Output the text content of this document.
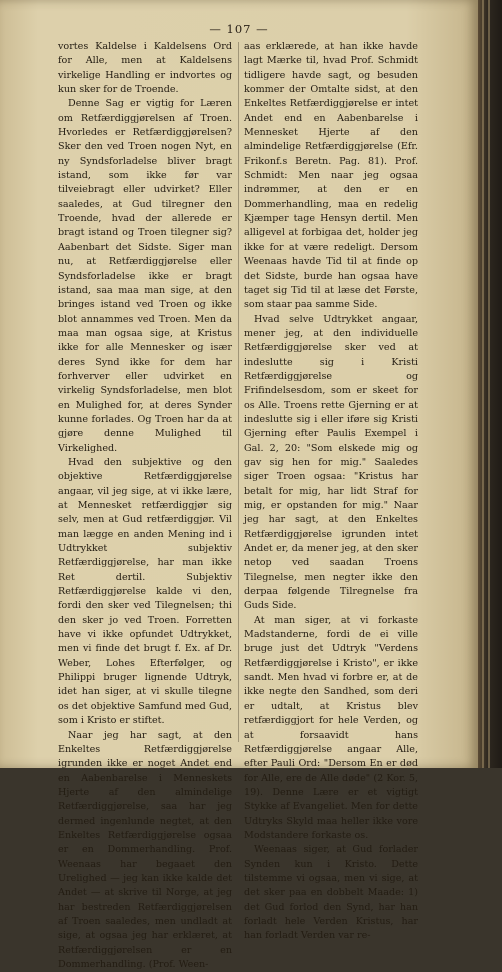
— 107 —

vortes Kaldelse i Kaldelsens Ord for Alle, men at Kaldelsens virkelige Handling er indvortes og kun sker for de Troende.

Denne Sag er vigtig for Læren om Retfærdiggjørelsen af Troen. Hvorledes er Retfærdiggjørelsen? Sker den ved Troen nogen Nyt, en ny Syndsforladelse bliver bragt istand, som ikke før var tilveiebragt eller udvirket? Eller saaledes, at Gud tilregner den Troende, hvad der allerede er bragt istand og Troen tilegner sig? Aabenbart det Sidste. Siger man nu, at Retfærdiggjørelse eller Syndsforladelse ikke er bragt istand, saa maa man sige, at den bringes istand ved Troen og ikke blot annammes ved Troen. Men da maa man ogsaa sige, at Kristus ikke for alle Mennesker og især deres Synd ikke for dem har forhverver eller udvirket en virkelig Syndsforladelse, men blot en Mulighed for, at deres Synder kunne forlades. Og Troen har da at gjøre denne Mulighed til Virkelighed.

Hvad den subjektive og den objektive Retfærdiggjørelse angaar, vil jeg sige, at vi ikke lære, at Mennesket retfærdiggjør sig selv, men at Gud retfærdiggjør. Vil man lægge en anden Mening ind i Udtrykket subjektiv Retfærdiggjørelse, har man ikke Ret dertil. Subjektiv Retfærdiggjørelse kalde vi den, fordi den sker ved Tilegnelsen; thi den sker jo ved Troen. Forretten have vi ikke opfundet Udtrykket, men vi finde det brugt f. Ex. af Dr. Weber, Lohes Efterfølger, og Philippi bruger lignende Udtryk, idet han siger, at vi skulle tilegne os det objektive Samfund med Gud, som i Kristo er stiftet.

Naar jeg har sagt, at den Enkeltes Retfærdiggjørelse igrunden ikke er noget Andet end en Aabenbarelse i Menneskets Hjerte af den almindelige Retfærdiggjørelse, saa har jeg dermed ingenlunde negtet, at den Enkeltes Retfærdiggjørelse ogsaa er en Dommerhandling. Prof. Weenaas har begaaet den Urelighed — jeg kan ikke kalde det Andet — at skrive til Norge, at jeg har bestreden Retfærdiggjørelsen af Troen saaledes, men undladt at sige, at ogsaa jeg har erklæret, at Retfærdiggjørelsen er en Dommerhandling. (Prof. Ween-

aas erklærede, at han ikke havde lagt Mærke til, hvad Prof. Schmidt tidligere havde sagt, og besuden kommer der Omtalte sidst, at den Enkeltes Retfærdiggjørelse er intet Andet end en Aabenbarelse i Mennesket Hjerte af den almindelige Retfærdiggjørelse (Efr. Frikonf.s Beretn. Pag. 81). Prof. Schmidt: Men naar jeg ogsaa indrømmer, at den er en Dommerhandling, maa en redelig Kjæmper tage Hensyn dertil. Men alligevel at forbigaa det, holder jeg ikke for at være redeligt. Dersom Weenaas havde Tid til at finde op det Sidste, burde han ogsaa have taget sig Tid til at læse det Første, som staar paa samme Side.

Hvad selve Udtrykket angaar, mener jeg, at den individuelle Retfærdiggjørelse sker ved at indeslutte sig i Kristi Retfærdiggjørelse og Frifindelsesdom, som er skeet for os Alle. Troens rette Gjerning er at indeslutte sig i eller iføre sig Kristi Gjerning efter Paulis Exempel i Gal. 2, 20: "Som elskede mig og gav sig hen for mig." Saaledes siger Troen ogsaa: "Kristus har betalt for mig, har lidt Straf for mig, er opstanden for mig." Naar jeg har sagt, at den Enkeltes Retfærdiggjørelse igrunden intet Andet er, da mener jeg, at den sker netop ved saadan Troens Tilegnelse, men negter ikke den derpaa følgende Tilregnelse fra Guds Side.

At man siger, at vi forkaste Madstanderne, fordi de ei ville bruge just det Udtryk "Verdens Retfærdiggjørelse i Kristo", er ikke sandt. Men hvad vi forbre er, at de ikke negte den Sandhed, som deri er udtalt, at Kristus blev retfærdiggjort for hele Verden, og at forsaavidt hans Retfærdiggjørelse angaar Alle, efter Pauli Ord: "Dersom En er død for Alle, ere de Alle døde" (2 Kor. 5, 19). Denne Lære er et vigtigt Stykke af Evangeliet. Men for dette Udtryks Skyld maa heller ikke vore Modstandere forkaste os.

Weenaas siger, at Gud forlader Synden kun i Kristo. Dette tilstemme vi ogsaa, men vi sige, at det sker paa en dobbelt Maade: 1) det Gud forlod den Synd, har han forladt hele Verden Kristus, har han forladt Verden var re-
